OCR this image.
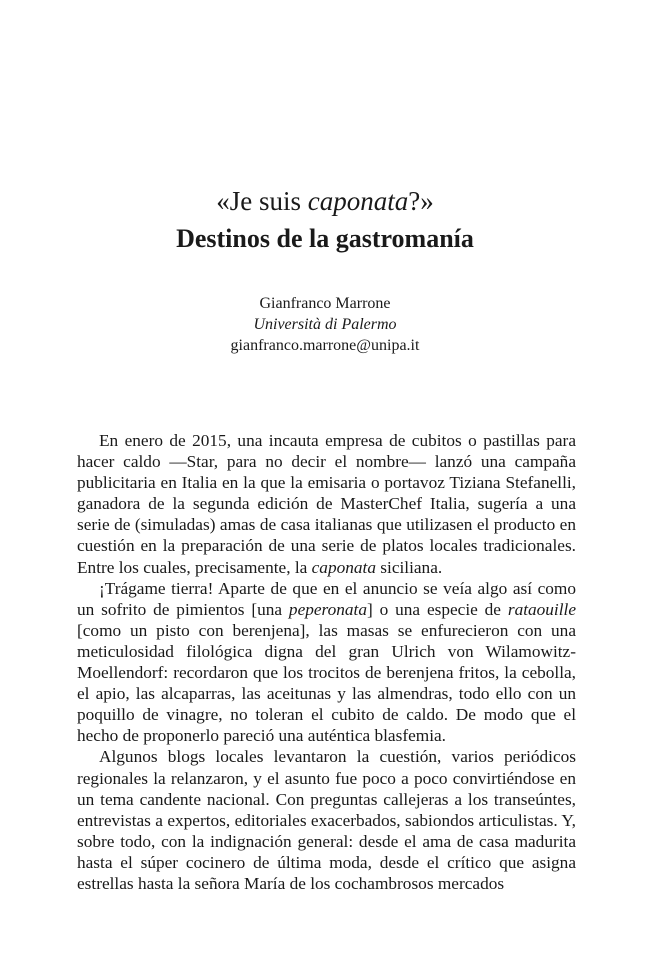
«Je suis caponata?»
Destinos de la gastromanía
Gianfranco Marrone
Università di Palermo
gianfranco.marrone@unipa.it

En enero de 2015, una incauta empresa de cubitos o pastillas para hacer caldo —Star, para no decir el nombre— lanzó una campaña publicitaria en Italia en la que la emisaria o portavoz Tiziana Stefanelli, ganadora de la segunda edición de MasterChef Italia, sugería a una serie de (simuladas) amas de casa italianas que utilizasen el producto en cuestión en la preparación de una serie de platos locales tradicionales. Entre los cuales, precisamente, la caponata siciliana.

¡Trágame tierra! Aparte de que en el anuncio se veía algo así como un sofrito de pimientos [una peperonata] o una especie de rataouille [como un pisto con berenjena], las masas se enfurecieron con una meticulosidad filológica digna del gran Ulrich von Wilamowitz-Moellendorf: recordaron que los trocitos de berenjena fritos, la cebolla, el apio, las alcaparras, las aceitunas y las almendras, todo ello con un poquillo de vinagre, no toleran el cubito de caldo. De modo que el hecho de proponerlo pareció una auténtica blasfemia.

Algunos blogs locales levantaron la cuestión, varios periódicos regionales la relanzaron, y el asunto fue poco a poco convirtiéndose en un tema candente nacional. Con preguntas callejeras a los transeúntes, entrevistas a expertos, editoriales exacerbados, sabiondos articulistas. Y, sobre todo, con la indignación general: desde el ama de casa madurita hasta el súper cocinero de última moda, desde el crítico que asigna estrellas hasta la señora María de los cochambrosos mercados
